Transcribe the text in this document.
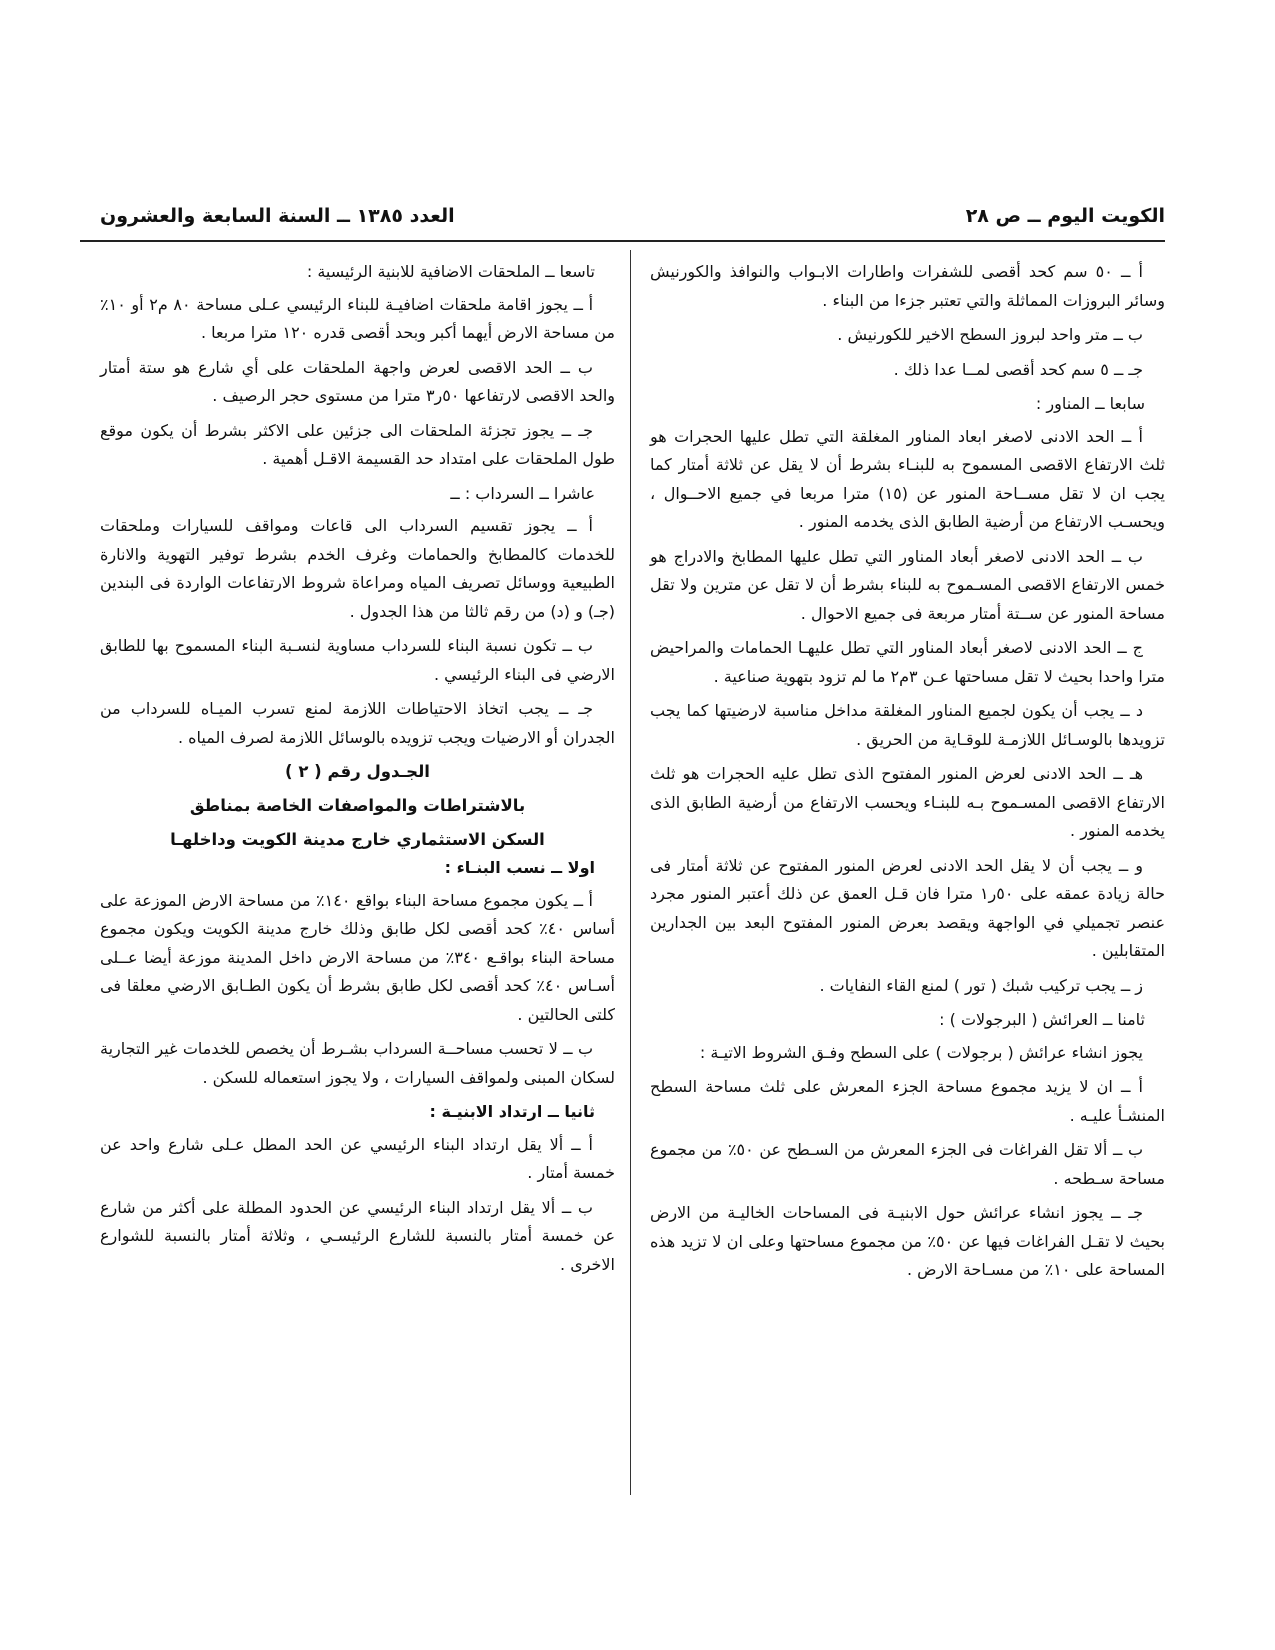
الكويت اليوم ــ ص ٢٨
العدد ١٣٨٥ ــ السنة السابعة والعشرون

أ ــ ٥٠ سم كحد أقصى للشفرات واطارات الابـواب والنوافذ والكورنيش وسائر البروزات المماثلة والتي تعتبر جزءا من البناء .

ب ــ متر واحد لبروز السطح الاخير للكورنيش .

جـ ــ ٥ سم كحد أقصى لمــا عدا ذلك .

سابعا ــ المناور :

أ ــ الحد الادنى لاصغر ابعاد المناور المغلقة التي تطل عليها الحجرات هو ثلث الارتفاع الاقصى المسموح به للبنـاء بشرط أن لا يقل عن ثلاثة أمتار كما يجب ان لا تقل مســاحة المنور عن (١٥) مترا مربعا في جميع الاحــوال ، ويحسـب الارتفاع من أرضية الطابق الذى يخدمه المنور .

ب ــ الحد الادنى لاصغر أبعاد المناور التي تطل عليها المطابخ والادراج هو خمس الارتفاع الاقصى المسـموح به للبناء بشرط أن لا تقل عن مترين ولا تقل مساحة المنور عن ســتة أمتار مربعة فى جميع الاحوال .

ج ــ الحد الادنى لاصغر أبعاد المناور التي تطل عليهـا الحمامات والمراحيض مترا واحدا بحيث لا تقل مساحتها عـن ٣م٢ ما لم تزود بتهوية صناعية .

د ــ يجب أن يكون لجميع المناور المغلقة مداخل مناسبة لارضيتها كما يجب تزويدها بالوسـائل اللازمـة للوقـاية من الحريق .

هـ ــ الحد الادنى لعرض المنور المفتوح الذى تطل عليه الحجرات هو ثلث الارتفاع الاقصى المسـموح بـه للبنـاء ويحسب الارتفاع من أرضية الطابق الذى يخدمه المنور .

و ــ يجب أن لا يقل الحد الادنى لعرض المنور المفتوح عن ثلاثة أمتار فى حالة زيادة عمقه على ٥٠ر١ مترا فان قـل العمق عن ذلك أعتبر المنور مجرد عنصر تجميلي في الواجهة ويقصد بعرض المنور المفتوح البعد بين الجدارين المتقابلين .

ز ــ يجب تركيب شبك ( تور ) لمنع القاء النفايات .

ثامنا ــ العرائش ( البرجولات ) :

يجوز انشاء عرائش ( برجولات ) على السطح وفـق الشروط الاتيـة :

أ ــ ان لا يزيد مجموع مساحة الجزء المعرش على ثلث مساحة السطح المنشـأ عليـه .

ب ــ ألا تقل الفراغات فى الجزء المعرش من السـطح عن ٥٠٪ من مجموع مساحة سـطحه .

جـ ــ يجوز انشاء عرائش حول الابنيـة فى المساحات الخاليـة من الارض بحيث لا تقـل الفراغات فيها عن ٥٠٪ من مجموع مساحتها وعلى ان لا تزيد هذه المساحة على ١٠٪ من مسـاحة الارض .

تاسعا ــ الملحقات الاضافية للابنية الرئيسية :

أ ــ يجوز اقامة ملحقات اضافيـة للبناء الرئيسي عـلى مساحة ٨٠ م٢ أو ١٠٪ من مساحة الارض أيهما أكبر وبحد أقصى قدره ١٢٠ مترا مربعا .

ب ــ الحد الاقصى لعرض واجهة الملحقات على أي شارع هو ستة أمتار والحد الاقصى لارتفاعها ٥٠ر٣ مترا من مستوى حجر الرصيف .

جـ ــ يجوز تجزئة الملحقات الى جزئين على الاكثر بشرط أن يكون موقع طول الملحقات على امتداد حد القسيمة الاقـل أهمية .

عاشرا ــ السرداب : ــ

أ ــ يجوز تقسيم السرداب الى قاعات ومواقف للسيارات وملحقات للخدمات كالمطابخ والحمامات وغرف الخدم بشرط توفير التهوية والانارة الطبيعية ووسائل تصريف المياه ومراعاة شروط الارتفاعات الواردة فى البندين (جـ) و (د) من رقم ثالثا من هذا الجدول .

ب ــ تكون نسبة البناء للسرداب مساوية لنسـبة البناء المسموح بها للطابق الارضي فى البناء الرئيسي .

جـ ــ يجب اتخاذ الاحتياطات اللازمة لمنع تسرب الميـاه للسرداب من الجدران أو الارضيات ويجب تزويده بالوسائل اللازمة لصرف المياه .

الجـدول رقم ( ٢ )
بالاشتراطات والمواصفات الخاصة بمناطق
السكن الاستثماري خارج مدينة الكويت وداخلهـا

اولا ــ نسب البنـاء :

أ ــ يكون مجموع مساحة البناء بواقع ١٤٠٪ من مساحة الارض الموزعة على أساس ٤٠٪ كحد أقصى لكل طابق وذلك خارج مدينة الكويت ويكون مجموع مساحة البناء بواقـع ٣٤٠٪ من مساحة الارض داخل المدينة موزعة أيضا عــلى أسـاس ٤٠٪ كحد أقصى لكل طابق بشرط أن يكون الطـابق الارضي معلقا فى كلتى الحالتين .

ب ــ لا تحسب مساحــة السرداب بشـرط أن يخصص للخدمات غير التجارية لسكان المبنى ولمواقف السيارات ، ولا يجوز استعماله للسكن .

ثانيا ــ ارتداد الابنيـة :

أ ــ ألا يقل ارتداد البناء الرئيسي عن الحد المطل عـلى شارع واحد عن خمسة أمتار .

ب ــ ألا يقل ارتداد البناء الرئيسي عن الحدود المطلة على أكثر من شارع عن خمسة أمتار بالنسبة للشارع الرئيسـي ، وثلاثة أمتار بالنسبة للشوارع الاخرى .
